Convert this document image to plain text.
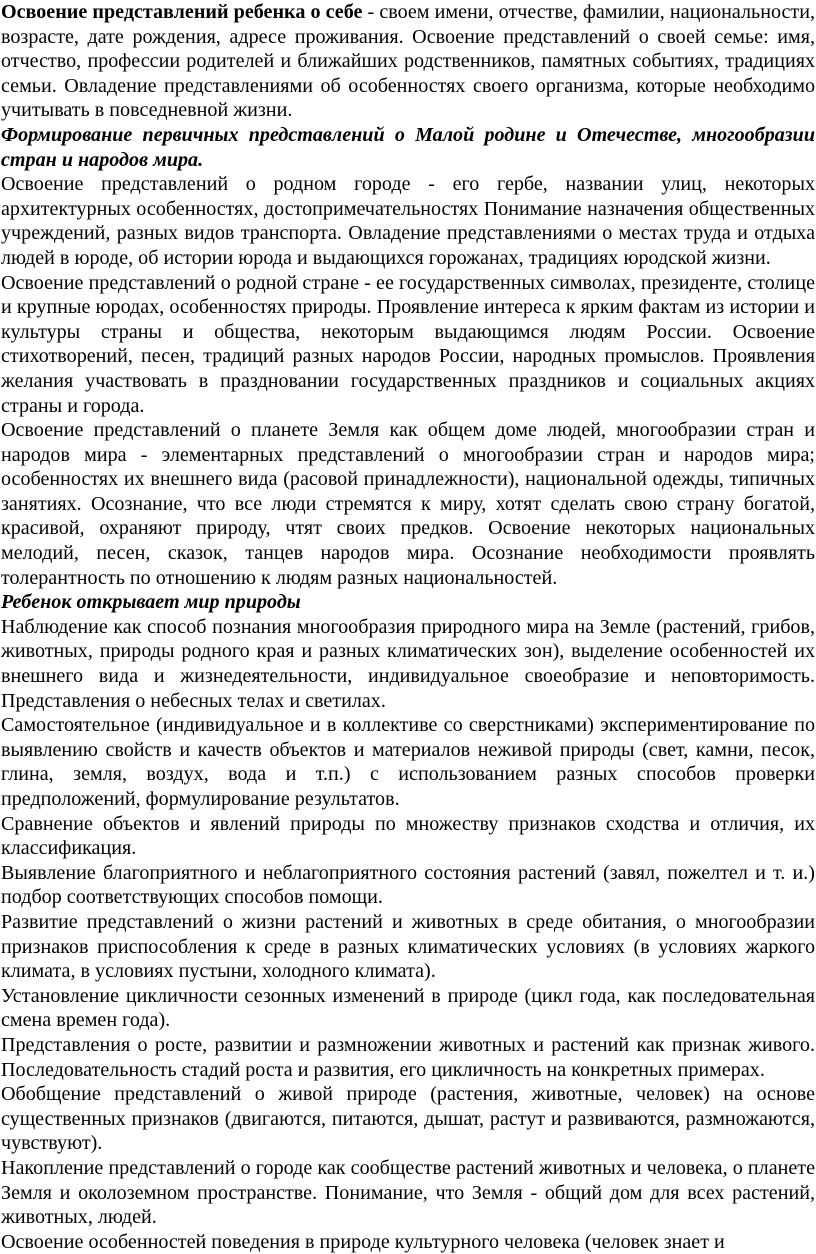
Освоение представлений ребенка о себе - своем имени, отчестве, фамилии, национальности, возрасте, дате рождения, адресе проживания. Освоение представлений о своей семье: имя, отчество, профессии родителей и ближайших родственников, памятных событиях, традициях семьи. Овладение представлениями об особенностях своего организма, которые необходимо учитывать в повседневной жизни.

Формирование первичных представлений о Малой родине и Отечестве, многообразии стран и народов мира.

Освоение представлений о родном городе - его гербе, названии улиц, некоторых архитектурных особенностях, достопримечательностях Понимание назначения общественных учреждений, разных видов транспорта. Овладение представлениями о местах труда и отдыха людей в юроде, об истории юрода и выдающихся горожанах, традициях юродской жизни.

Освоение представлений о родной стране - ее государственных символах, президенте, столице и крупные юродах, особенностях природы. Проявление интереса к ярким фактам из истории и культуры страны и общества, некоторым выдающимся людям России. Освоение стихотворений, песен, традиций разных народов России, народных промыслов. Проявления желания участвовать в праздновании государственных праздников и социальных акциях страны и города.

Освоение представлений о планете Земля как общем доме людей, многообразии стран и народов мира - элементарных представлений о многообразии стран и народов мира; особенностях их внешнего вида (расовой принадлежности), национальной одежды, типичных занятиях. Осознание, что все люди стремятся к миру, хотят сделать свою страну богатой, красивой, охраняют природу, чтят своих предков. Освоение некоторых национальных мелодий, песен, сказок, танцев народов мира. Осознание необходимости проявлять толерантность по отношению к людям разных национальностей.

Ребенок открывает мир природы

Наблюдение как способ познания многообразия природного мира на Земле (растений, грибов, животных, природы родного края и разных климатических зон), выделение особенностей их внешнего вида и жизнедеятельности, индивидуальное своеобразие и неповторимость. Представления о небесных телах и светилах.

Самостоятельное (индивидуальное и в коллективе со сверстниками) экспериментирование по выявлению свойств и качеств объектов и материалов неживой природы (свет, камни, песок, глина, земля, воздух, вода и т.п.) с использованием разных способов проверки предположений, формулирование результатов.

Сравнение объектов и явлений природы по множеству признаков сходства и отличия, их классификация.

Выявление благоприятного и неблагоприятного состояния растений (завял, пожелтел и т. и.) подбор соответствующих способов помощи.

Развитие представлений о жизни растений и животных в среде обитания, о многообразии признаков приспособления к среде в разных климатических условиях (в условиях жаркого климата, в условиях пустыни, холодного климата).

Установление цикличности сезонных изменений в природе (цикл года, как последовательная смена времен года).

Представления о росте, развитии и размножении животных и растений как признак живого. Последовательность стадий роста и развития, его цикличность на конкретных примерах.

Обобщение представлений о живой природе (растения, животные, человек) на основе существенных признаков (двигаются, питаются, дышат, растут и развиваются, размножаются, чувствуют).

Накопление представлений о городе как сообществе растений животных и человека, о планете Земля и околоземном пространстве. Понимание, что Земля - общий дом для всех растений, животных, людей.

Освоение особенностей поведения в природе культурного человека (человек знает и
